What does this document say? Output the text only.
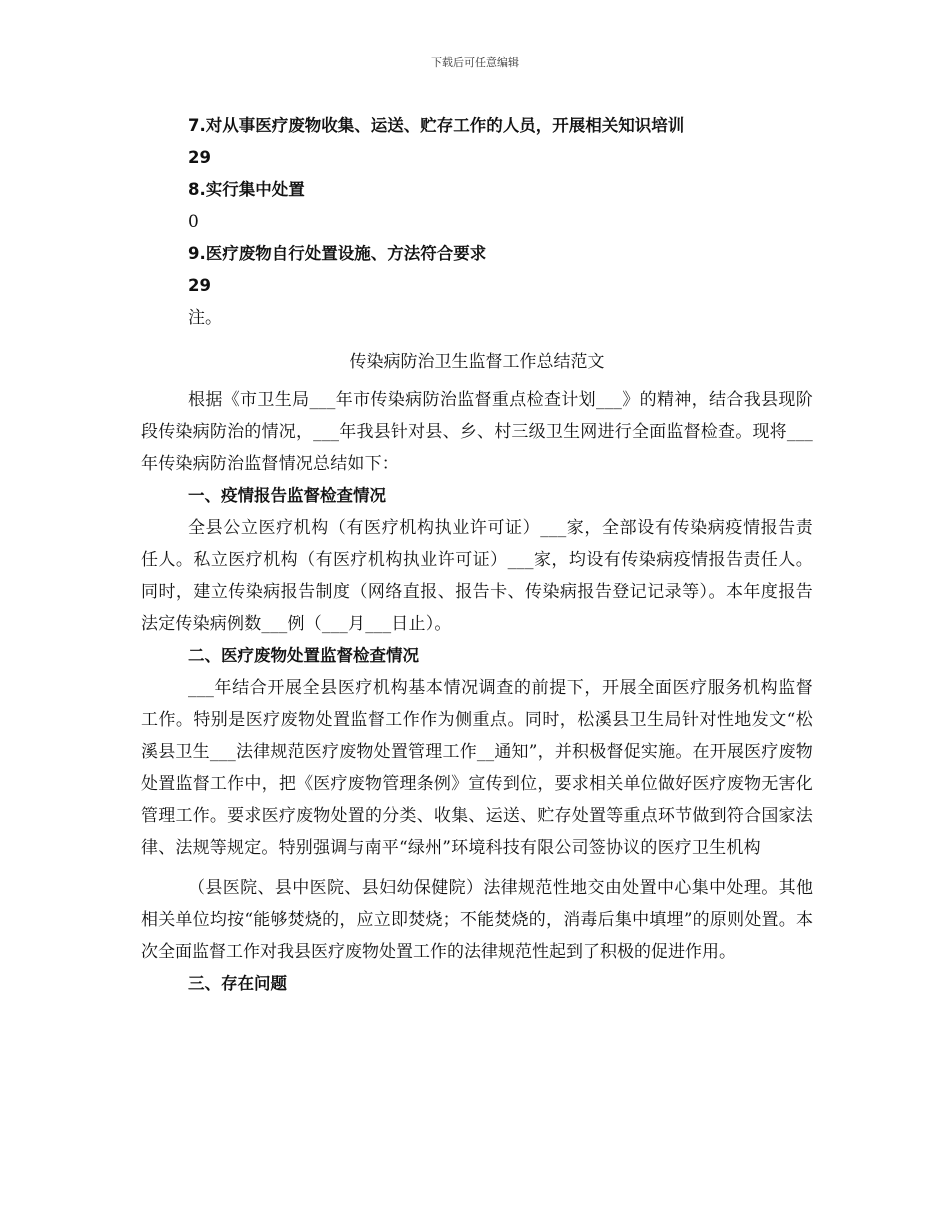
下载后可任意编辑
7.对从事医疗废物收集、运送、贮存工作的人员，开展相关知识培训
29
8.实行集中处置
0
9.医疗废物自行处置设施、方法符合要求
29
注。
传染病防治卫生监督工作总结范文
根据《市卫生局___年市传染病防治监督重点检查计划___》的精神，结合我县现阶段传染病防治的情况，___年我县针对县、乡、村三级卫生网进行全面监督检查。现将___年传染病防治监督情况总结如下：
一、疫情报告监督检查情况
全县公立医疗机构（有医疗机构执业许可证）___家，全部设有传染病疫情报告责任人。私立医疗机构（有医疗机构执业许可证）___家，均设有传染病疫情报告责任人。同时，建立传染病报告制度（网络直报、报告卡、传染病报告登记记录等）。本年度报告法定传染病例数___例（___月___日止）。
二、医疗废物处置监督检查情况
___年结合开展全县医疗机构基本情况调查的前提下，开展全面医疗服务机构监督工作。特别是医疗废物处置监督工作作为侧重点。同时，松溪县卫生局针对性地发文“松溪县卫生___法律规范医疗废物处置管理工作__通知”，并积极督促实施。在开展医疗废物处置监督工作中，把《医疗废物管理条例》宣传到位，要求相关单位做好医疗废物无害化管理工作。要求医疗废物处置的分类、收集、运送、贮存处置等重点环节做到符合国家法律、法规等规定。特别强调与南平“绿州”环境科技有限公司签协议的医疗卫生机构
（县医院、县中医院、县妇幼保健院）法律规范性地交由处置中心集中处理。其他相关单位均按“能够焚烧的，应立即焚烧；不能焚烧的，消毒后集中填埋”的原则处置。本次全面监督工作对我县医疗废物处置工作的法律规范性起到了积极的促进作用。
三、存在问题
